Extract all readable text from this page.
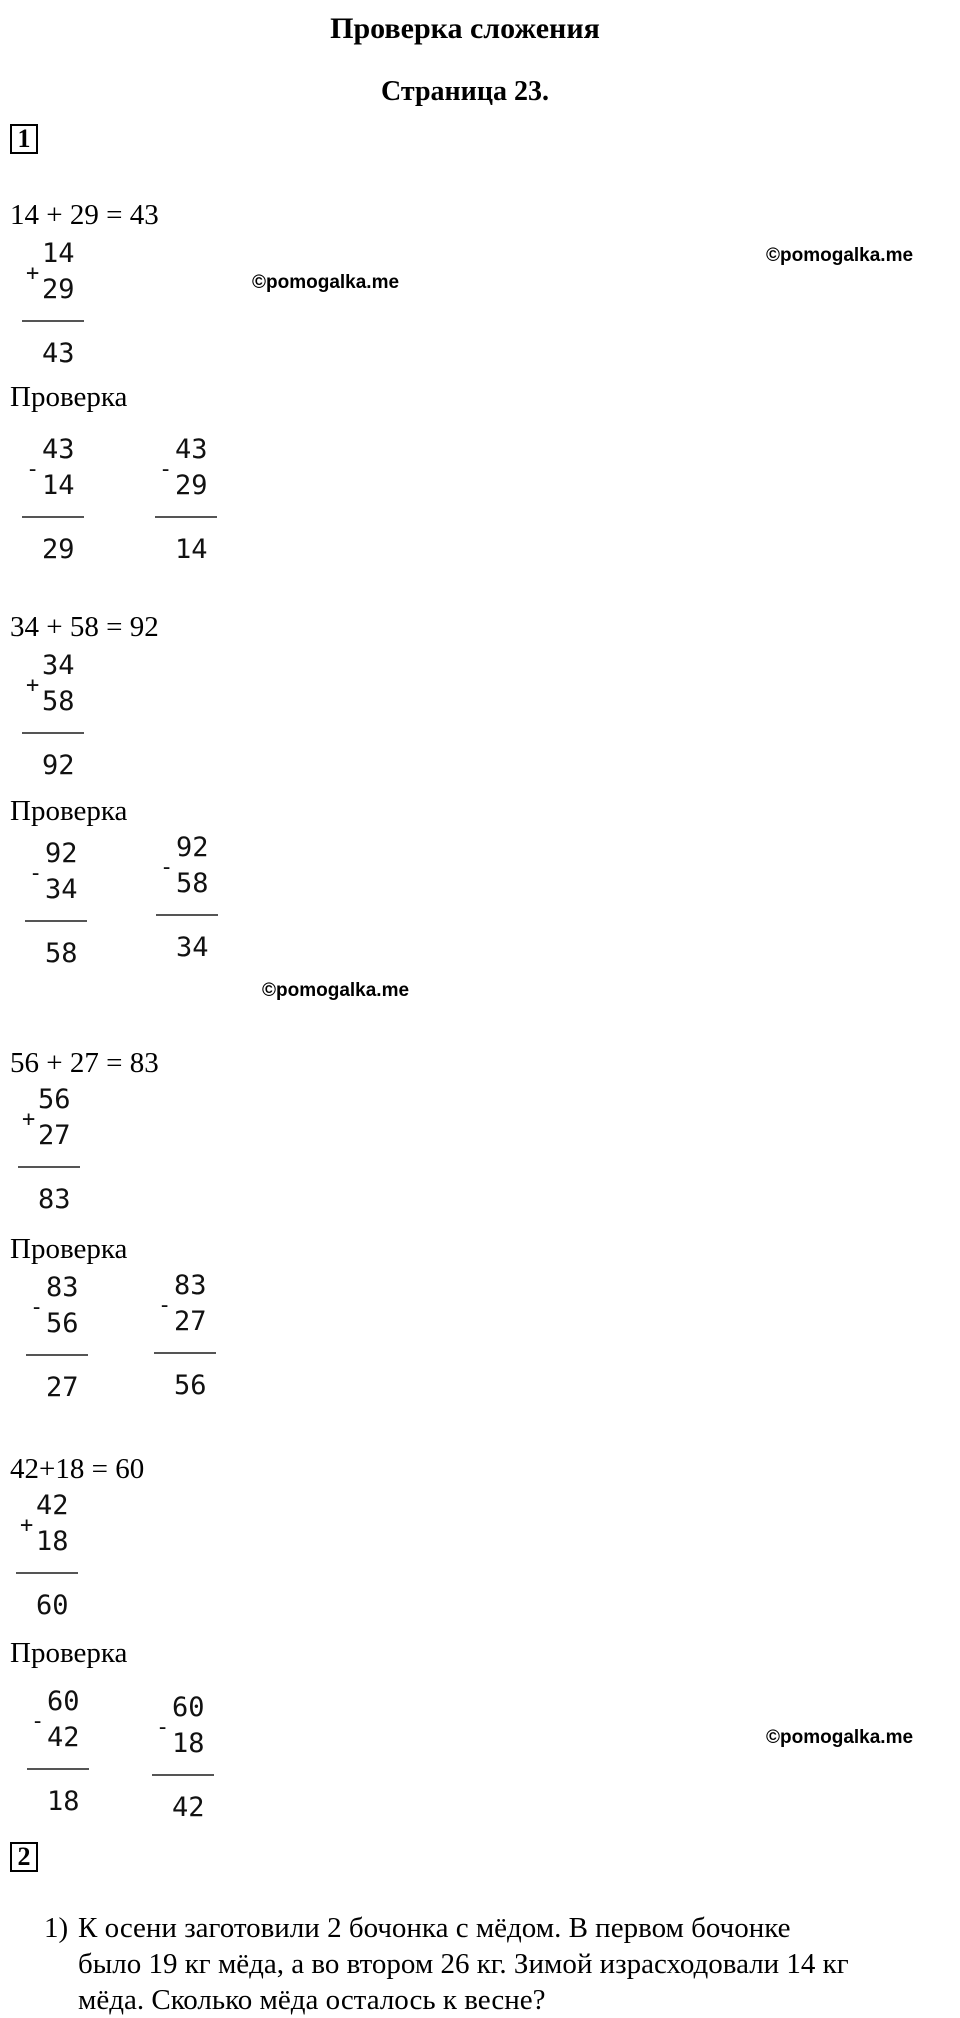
Проверка сложения
Страница 23.
1
©pomogalka.me
©pomogalka.me
©pomogalka.me
©pomogalka.me
14 + 29 = 43
+
14
29
43
Проверка
-
43
14
29
-
43
29
14
34 + 58 = 92
+
34
58
92
Проверка
-
92
34
58
-
92
58
34
56 + 27 = 83
+
56
27
83
Проверка
-
83
56
27
-
83
27
56
42+18 = 60
+
42
18
60
Проверка
-
60
42
18
-
60
18
42
2
1) К осени заготовили 2 бочонка с мёдом. В первом бочонке
было 19 кг мёда, а во втором 26 кг. Зимой израсходовали 14 кг
мёда. Сколько мёда осталось к весне?
